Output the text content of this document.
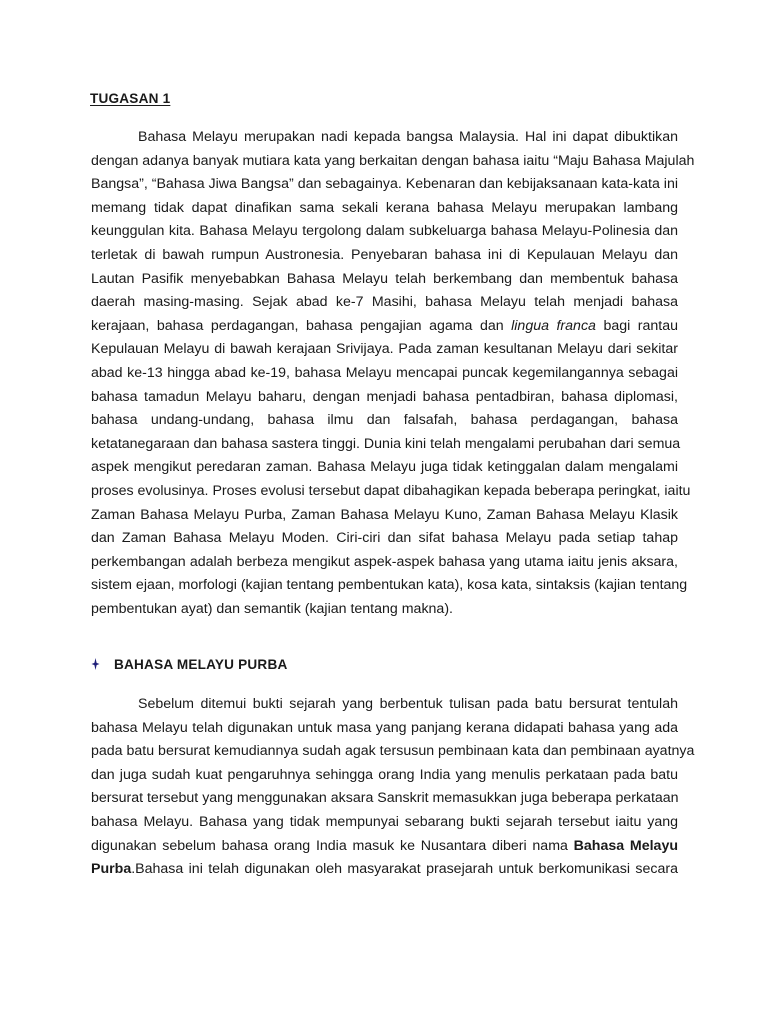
TUGASAN 1
Bahasa Melayu merupakan nadi kepada bangsa Malaysia. Hal ini dapat dibuktikan
dengan adanya banyak mutiara kata yang berkaitan dengan bahasa iaitu “Maju Bahasa Majulah
Bangsa”, “Bahasa Jiwa Bangsa” dan sebagainya. Kebenaran dan kebijaksanaan kata-kata ini
memang tidak dapat dinafikan sama sekali kerana bahasa Melayu merupakan lambang
keunggulan kita. Bahasa Melayu tergolong dalam subkeluarga bahasa Melayu-Polinesia dan
terletak di bawah rumpun Austronesia. Penyebaran bahasa ini di Kepulauan Melayu dan
Lautan Pasifik menyebabkan Bahasa Melayu telah berkembang dan membentuk bahasa
daerah masing-masing. Sejak abad ke-7 Masihi, bahasa Melayu telah menjadi bahasa
kerajaan, bahasa perdagangan, bahasa pengajian agama dan lingua franca bagi rantau
Kepulauan Melayu di bawah kerajaan Srivijaya. Pada zaman kesultanan Melayu dari sekitar
abad ke-13 hingga abad ke-19, bahasa Melayu mencapai puncak kegemilangannya sebagai
bahasa tamadun Melayu baharu, dengan menjadi bahasa pentadbiran, bahasa diplomasi,
bahasa undang-undang, bahasa ilmu dan falsafah, bahasa perdagangan, bahasa
ketatanegaraan dan bahasa sastera tinggi. Dunia kini telah mengalami perubahan dari semua
aspek mengikut peredaran zaman. Bahasa Melayu juga tidak ketinggalan dalam mengalami
proses evolusinya. Proses evolusi tersebut dapat dibahagikan kepada beberapa peringkat, iaitu
Zaman Bahasa Melayu Purba, Zaman Bahasa Melayu Kuno, Zaman Bahasa Melayu Klasik
dan Zaman Bahasa Melayu Moden. Ciri-ciri dan sifat bahasa Melayu pada setiap tahap
perkembangan adalah berbeza mengikut aspek-aspek bahasa yang utama iaitu jenis aksara,
sistem ejaan, morfologi (kajian tentang pembentukan kata), kosa kata, sintaksis (kajian tentang
pembentukan ayat) dan semantik (kajian tentang makna).
BAHASA MELAYU PURBA
Sebelum ditemui bukti sejarah yang berbentuk tulisan pada batu bersurat tentulah
bahasa Melayu telah digunakan untuk masa yang panjang kerana didapati bahasa yang ada
pada batu bersurat kemudiannya sudah agak tersusun pembinaan kata dan pembinaan ayatnya
dan juga sudah kuat pengaruhnya sehingga orang India yang menulis perkataan pada batu
bersurat tersebut yang menggunakan aksara Sanskrit memasukkan juga beberapa perkataan
bahasa Melayu. Bahasa yang tidak mempunyai sebarang bukti sejarah tersebut iaitu yang
digunakan sebelum bahasa orang India masuk ke Nusantara diberi nama Bahasa Melayu
Purba.Bahasa ini telah digunakan oleh masyarakat prasejarah untuk berkomunikasi secara
